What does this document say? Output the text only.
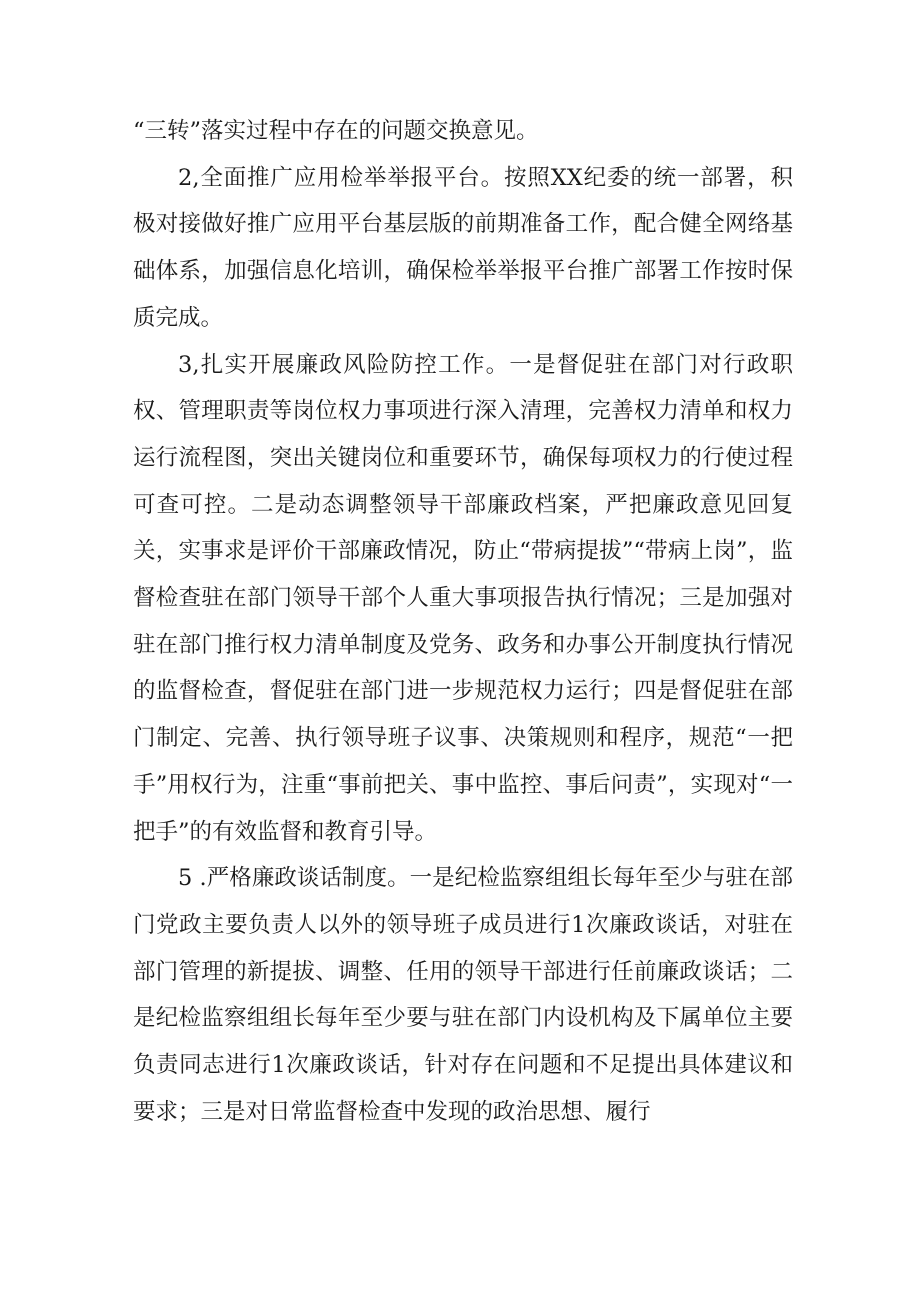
“三转”落实过程中存在的问题交换意见。

2,全面推广应用检举举报平台。按照XX纪委的统一部署，积极对接做好推广应用平台基层版的前期准备工作，配合健全网络基础体系，加强信息化培训，确保检举举报平台推广部署工作按时保质完成。

3,扎实开展廉政风险防控工作。一是督促驻在部门对行政职权、管理职责等岗位权力事项进行深入清理，完善权力清单和权力运行流程图，突出关键岗位和重要环节，确保每项权力的行使过程可查可控。二是动态调整领导干部廉政档案，严把廉政意见回复关，实事求是评价干部廉政情况，防止“带病提拔”“带病上岗”，监督检查驻在部门领导干部个人重大事项报告执行情况；三是加强对驻在部门推行权力清单制度及党务、政务和办事公开制度执行情况的监督检查，督促驻在部门进一步规范权力运行；四是督促驻在部门制定、完善、执行领导班子议事、决策规则和程序，规范“一把手”用权行为，注重“事前把关、事中监控、事后问责”，实现对“一把手”的有效监督和教育引导。

5 .严格廉政谈话制度。一是纪检监察组组长每年至少与驻在部门党政主要负责人以外的领导班子成员进行1次廉政谈话，对驻在部门管理的新提拔、调整、任用的领导干部进行任前廉政谈话；二是纪检监察组组长每年至少要与驻在部门内设机构及下属单位主要负责同志进行1次廉政谈话，针对存在问题和不足提出具体建议和要求；三是对日常监督检查中发现的政治思想、履行
